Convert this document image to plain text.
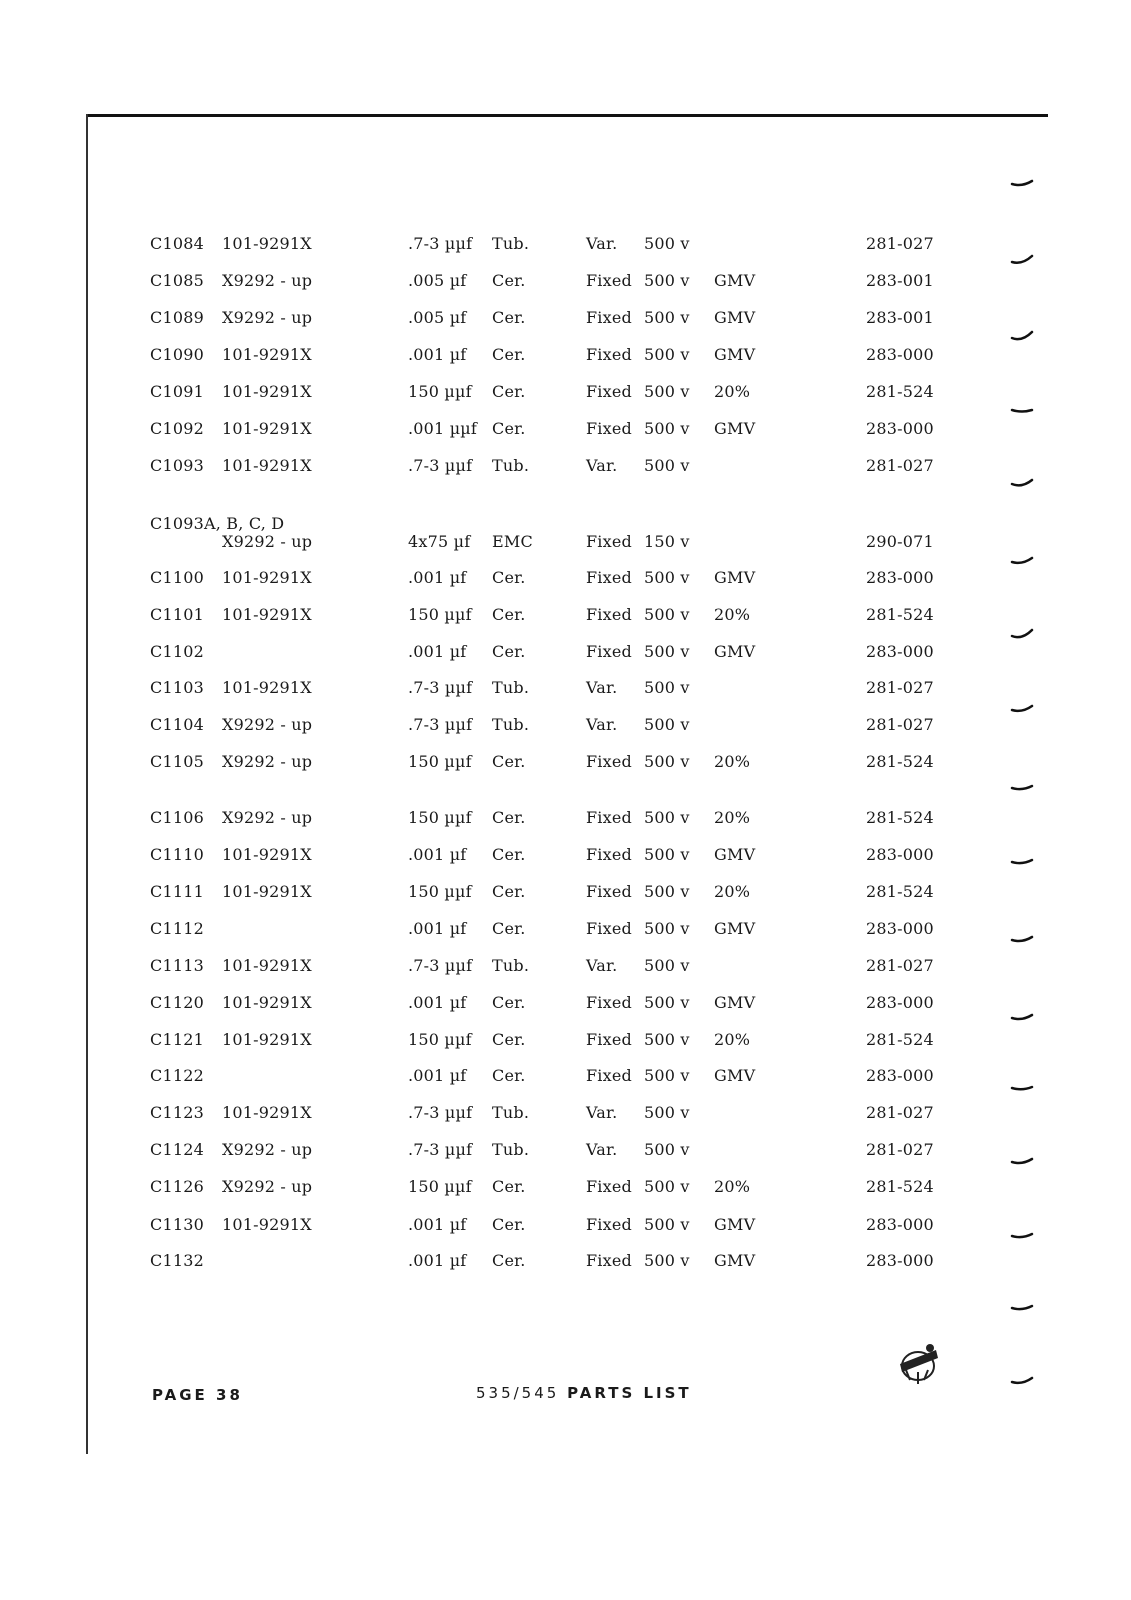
C1084 101-9291X	.7-3 µµf Tub.	Var. 500 v	281-027
C1085 X9292 - up	.005 µf Cer.	Fixed 500 v GMV	283-001
C1089 X9292 - up	.005 µf Cer.	Fixed 500 v GMV	283-001
C1090 101-9291X	.001 µf Cer.	Fixed 500 v GMV	283-000
C1091 101-9291X	150 µµf Cer.	Fixed 500 v 20%	281-524
C1092 101-9291X	.001 µµf Cer.	Fixed 500 v GMV	283-000
C1093 101-9291X	.7-3 µµf Tub.	Var. 500 v	281-027
C1093A, B, C, D
X9292 - up	4x75 µf EMC	Fixed 150 v	290-071
C1100 101-9291X	.001 µf Cer.	Fixed 500 v GMV	283-000
C1101 101-9291X	150 µµf Cer.	Fixed 500 v 20%	281-524
C1102	.001 µf Cer.	Fixed 500 v GMV	283-000
C1103 101-9291X	.7-3 µµf Tub.	Var. 500 v	281-027
C1104 X9292 - up	.7-3 µµf Tub.	Var. 500 v	281-027
C1105 X9292 - up	150 µµf Cer.	Fixed 500 v 20%	281-524
C1106 X9292 - up	150 µµf Cer.	Fixed 500 v 20%	281-524
C1110 101-9291X	.001 µf Cer.	Fixed 500 v GMV	283-000
C1111 101-9291X	150 µµf Cer.	Fixed 500 v 20%	281-524
C1112	.001 µf Cer.	Fixed 500 v GMV	283-000
C1113 101-9291X	.7-3 µµf Tub.	Var. 500 v	281-027
C1120 101-9291X	.001 µf Cer.	Fixed 500 v GMV	283-000
C1121 101-9291X	150 µµf Cer.	Fixed 500 v 20%	281-524
C1122	.001 µf Cer.	Fixed 500 v GMV	283-000
C1123 101-9291X	.7-3 µµf Tub.	Var. 500 v	281-027
C1124 X9292 - up	.7-3 µµf Tub.	Var. 500 v	281-027
C1126 X9292 - up	150 µµf Cer.	Fixed 500 v 20%	281-524
C1130 101-9291X	.001 µf Cer.	Fixed 500 v GMV	283-000
C1132	.001 µf Cer.	Fixed 500 v GMV	283-000
PAGE 38	535/545 PARTS LIST
